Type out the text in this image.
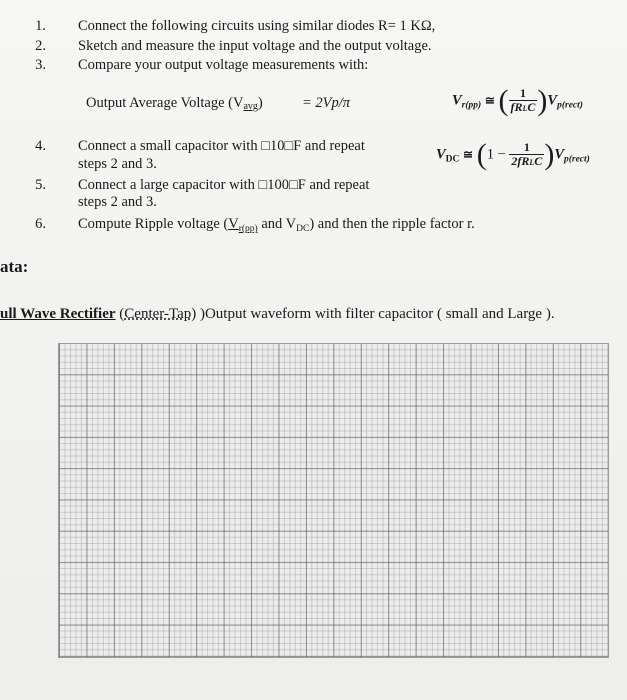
1. Connect the following circuits using similar diodes R= 1 KΩ,
2. Sketch and measure the input voltage and the output voltage.
3. Compare your output voltage measurements with:
Output Average Voltage (Vavg)	= 2Vp/π	$V_{r(pp)}$ ≅ ( $\frac{1}{\text{fRLC}} )V_{p(rect)}$
4. Connect a small capacitor with □10□F and repeat
steps 2 and 3.
$V_{DC}$ ≅ $(1 - \frac{1}{\text{2fRLC}} )V_{p(rect)}$
5. Connect a large capacitor with □100□F and repeat
steps 2 and 3.
6. Compute Ripple voltage ($V_{r(pp)}$ and $V_{DC}$) and then the ripple factor r.
ata:
ull Wave Rectifier (Center-Tap) )Output waveform with filter capacitor ( small and Large ).
